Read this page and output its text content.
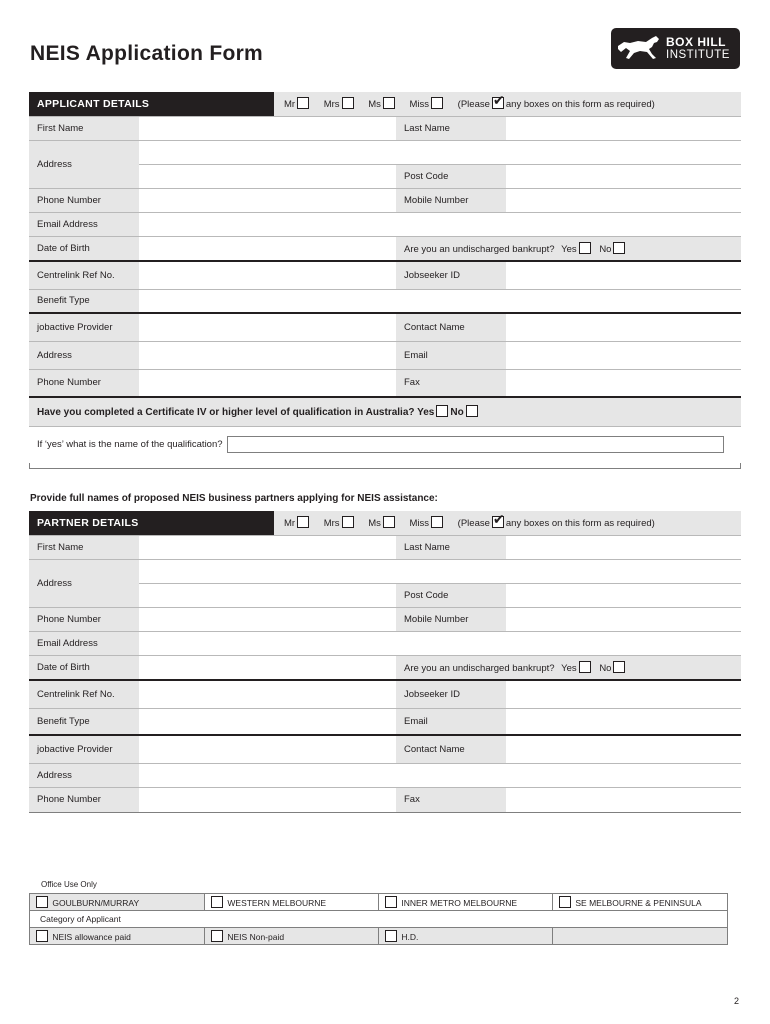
NEIS Application Form	BOX HILL
INSTITUTE
APPLICANT DETAILS		Mr Mrs Ms Miss (Please ✔ any boxes on this form as required)
First Name			Last Name	
Address				
			Post Code	
Phone Number			Mobile Number	
Email Address				
Date of Birth			Are you an undischarged bankrupt? Yes No	
Centrelink Ref No.			Jobseeker ID	
Benefit Type				
jobactive Provider			Contact Name	
Address			Email	
Phone Number			Fax	
Have you completed a Certificate IV or higher level of qualification in Australia? Yes No				
If ‘yes’ what is the name of the qualification?				
Provide full names of proposed NEIS business partners applying for NEIS assistance:
PARTNER DETAILS		Mr Mrs Ms Miss (Please ✔ any boxes on this form as required)
First Name			Last Name	
Address				
			Post Code	
Phone Number			Mobile Number	
Email Address				
Date of Birth			Are you an undischarged bankrupt? Yes No	
Centrelink Ref No.			Jobseeker ID	
Benefit Type			Email	
jobactive Provider			Contact Name	
Address				
Phone Number			Fax	
Office Use Only
GOULBURN/MURRAY	WESTERN MELBOURNE	INNER METRO MELBOURNE	SE MELBOURNE & PENINSULA
Category of Applicant			
NEIS allowance paid	NEIS Non-paid	H.D.	
2
